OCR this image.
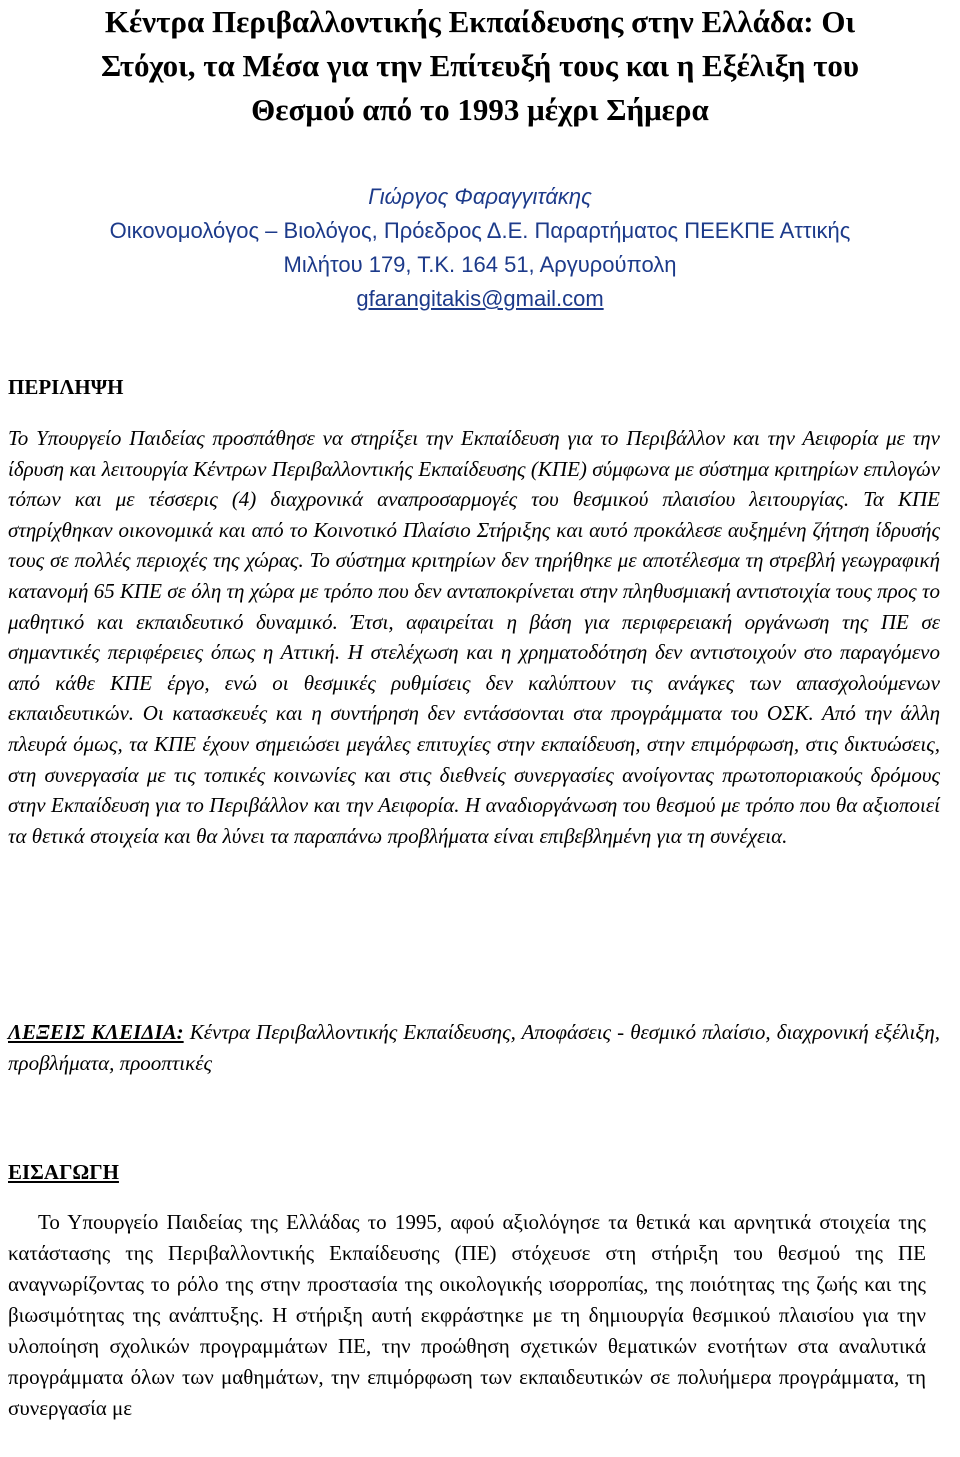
Κέντρα Περιβαλλοντικής Εκπαίδευσης στην Ελλάδα: Οι
Στόχοι, τα Μέσα για την Επίτευξή τους και η Εξέλιξη του
Θεσμού από το 1993 μέχρι Σήμερα
Γιώργος Φαραγγιτάκης
Οικονομολόγος – Βιολόγος, Πρόεδρος Δ.Ε. Παραρτήματος ΠΕΕΚΠΕ Αττικής
Μιλήτου 179, Τ.Κ. 164 51, Αργυρούπολη
gfarangitakis@gmail.com
ΠΕΡΙΛΗΨΗ

Το Υπουργείο Παιδείας προσπάθησε να στηρίξει την Εκπαίδευση για το Περιβάλλον και την Αειφορία με την ίδρυση και λειτουργία Κέντρων Περιβαλλοντικής Εκπαίδευσης (ΚΠΕ) σύμφωνα με σύστημα κριτηρίων επιλογών τόπων και με τέσσερις (4) διαχρονικά αναπροσαρμογές του θεσμικού πλαισίου λειτουργίας. Τα ΚΠΕ στηρίχθηκαν οικονομικά και από το Κοινοτικό Πλαίσιο Στήριξης και αυτό προκάλεσε αυξημένη ζήτηση ίδρυσής τους σε πολλές περιοχές της χώρας. Το σύστημα κριτηρίων δεν τηρήθηκε με αποτέλεσμα τη στρεβλή γεωγραφική κατανομή 65 ΚΠΕ σε όλη τη χώρα με τρόπο που δεν ανταποκρίνεται στην πληθυσμιακή αντιστοιχία τους προς το μαθητικό και εκπαιδευτικό δυναμικό. Έτσι, αφαιρείται η βάση για περιφερειακή οργάνωση της ΠΕ σε σημαντικές περιφέρειες όπως η Αττική. Η στελέχωση και η χρηματοδότηση δεν αντιστοιχούν στο παραγόμενο από κάθε ΚΠΕ έργο, ενώ οι θεσμικές ρυθμίσεις δεν καλύπτουν τις ανάγκες των απασχολούμενων εκπαιδευτικών. Οι κατασκευές και η συντήρηση δεν εντάσσονται στα προγράμματα του ΟΣΚ. Από την άλλη πλευρά όμως, τα ΚΠΕ έχουν σημειώσει μεγάλες επιτυχίες στην εκπαίδευση, στην επιμόρφωση, στις δικτυώσεις, στη συνεργασία με τις τοπικές κοινωνίες και στις διεθνείς συνεργασίες ανοίγοντας πρωτοποριακούς δρόμους στην Εκπαίδευση για το Περιβάλλον και την Αειφορία. Η αναδιοργάνωση του θεσμού με τρόπο που θα αξιοποιεί τα θετικά στοιχεία και θα λύνει τα παραπάνω προβλήματα είναι επιβεβλημένη για τη συνέχεια.

ΛΕΞΕΙΣ ΚΛΕΙΔΙΑ: Κέντρα Περιβαλλοντικής Εκπαίδευσης, Αποφάσεις - θεσμικό πλαίσιο, διαχρονική εξέλιξη, προβλήματα, προοπτικές

ΕΙΣΑΓΩΓΗ

Το Υπουργείο Παιδείας της Ελλάδας το 1995, αφού αξιολόγησε τα θετικά και αρνητικά στοιχεία της κατάστασης της Περιβαλλοντικής Εκπαίδευσης (ΠΕ) στόχευσε στη στήριξη του θεσμού της ΠΕ αναγνωρίζοντας το ρόλο της στην προστασία της οικολογικής ισορροπίας, της ποιότητας της ζωής και της βιωσιμότητας της ανάπτυξης. Η στήριξη αυτή εκφράστηκε με τη δημιουργία θεσμικού πλαισίου για την υλοποίηση σχολικών προγραμμάτων ΠΕ, την προώθηση σχετικών θεματικών ενοτήτων στα αναλυτικά προγράμματα όλων των μαθημάτων, την επιμόρφωση των εκπαιδευτικών σε πολυήμερα προγράμματα, τη συνεργασία με
